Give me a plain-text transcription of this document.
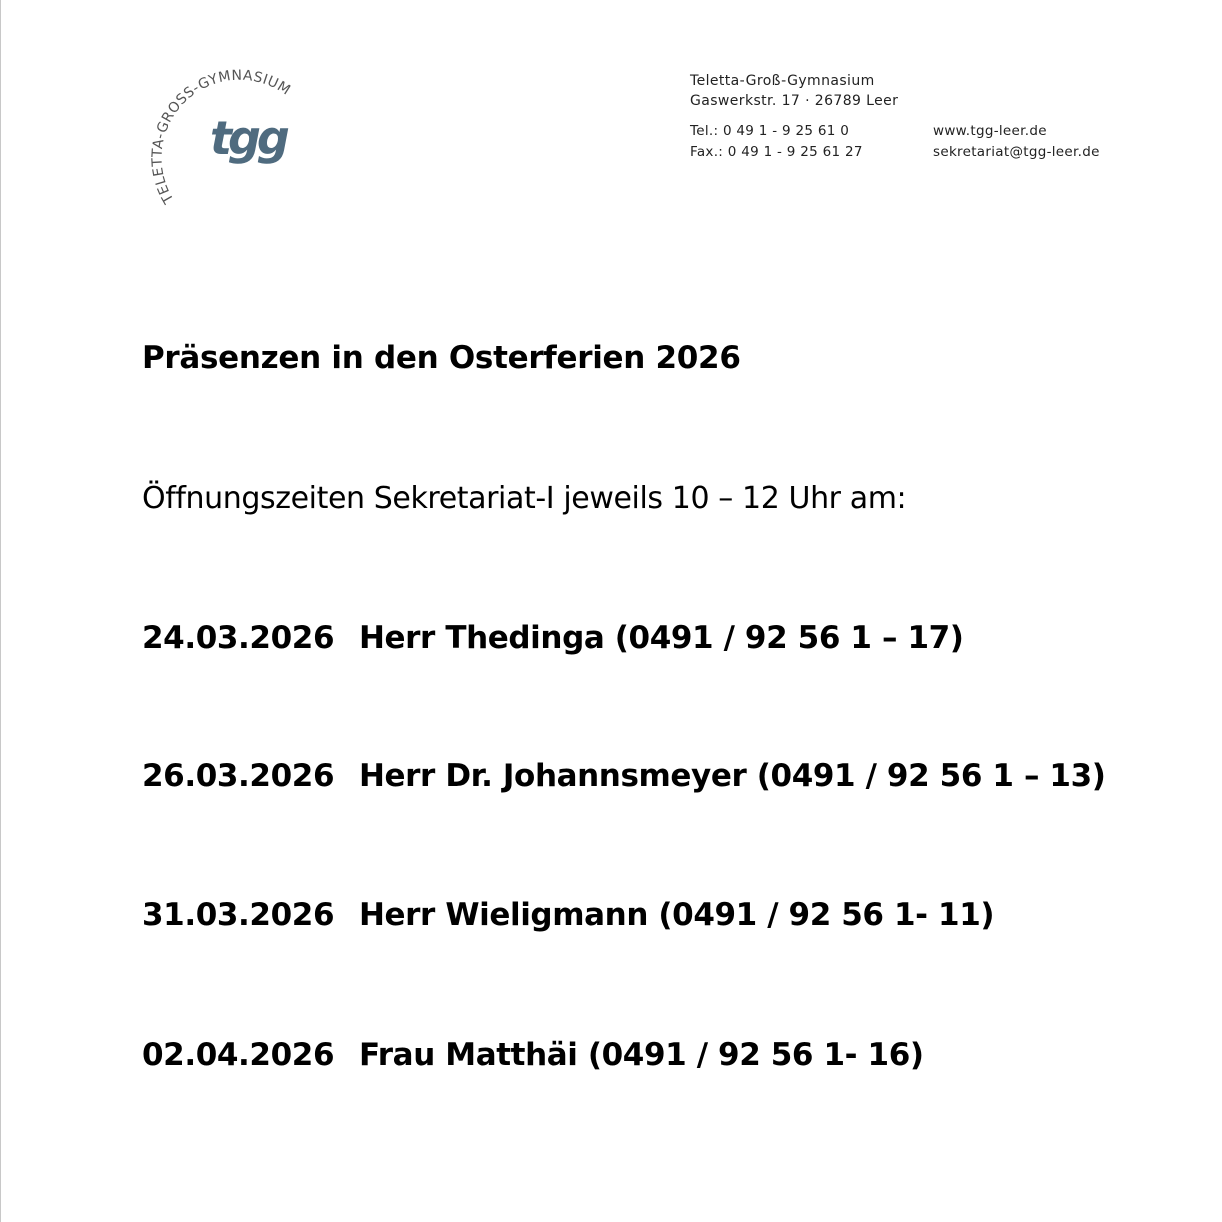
TELETTA-GROSS-GYMNASIUM
tgg
Teletta-Groß-Gymnasium
Gaswerkstr. 17 · 26789 Leer
Tel.: 0 49 1 - 9 25 61 0
Fax.: 0 49 1 - 9 25 61 27
www.tgg-leer.de
sekretariat@tgg-leer.de
Präsenzen in den Osterferien 2026
Öffnungszeiten Sekretariat-I jeweils 10 – 12 Uhr am:
24.03.2026 Herr Thedinga (0491 / 92 56 1 – 17)
26.03.2026 Herr Dr. Johannsmeyer (0491 / 92 56 1 – 13)
31.03.2026 Herr Wieligmann (0491 / 92 56 1- 11)
02.04.2026 Frau Matthäi (0491 / 92 56 1- 16)
